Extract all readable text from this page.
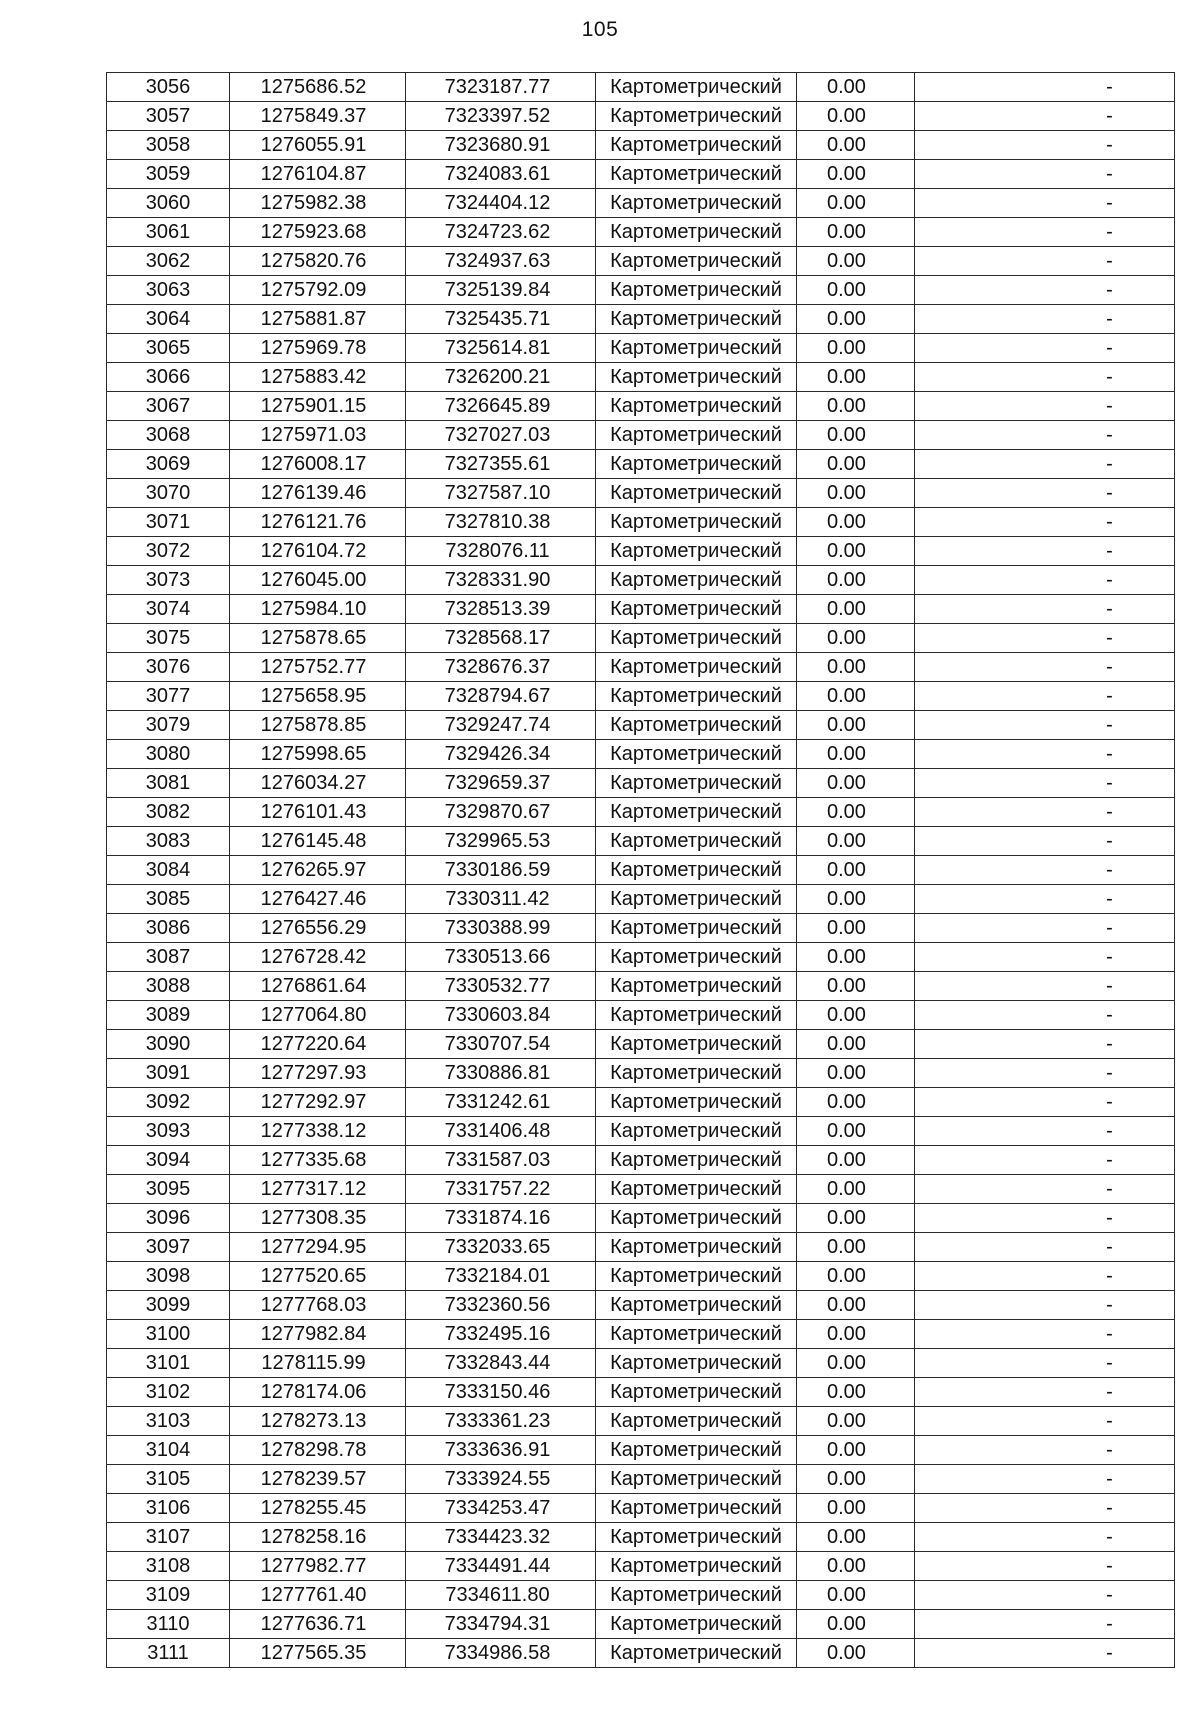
105
3056	1275686.52	7323187.77	Картометрический	0.00	-
3057	1275849.37	7323397.52	Картометрический	0.00	-
3058	1276055.91	7323680.91	Картометрический	0.00	-
3059	1276104.87	7324083.61	Картометрический	0.00	-
3060	1275982.38	7324404.12	Картометрический	0.00	-
3061	1275923.68	7324723.62	Картометрический	0.00	-
3062	1275820.76	7324937.63	Картометрический	0.00	-
3063	1275792.09	7325139.84	Картометрический	0.00	-
3064	1275881.87	7325435.71	Картометрический	0.00	-
3065	1275969.78	7325614.81	Картометрический	0.00	-
3066	1275883.42	7326200.21	Картометрический	0.00	-
3067	1275901.15	7326645.89	Картометрический	0.00	-
3068	1275971.03	7327027.03	Картометрический	0.00	-
3069	1276008.17	7327355.61	Картометрический	0.00	-
3070	1276139.46	7327587.10	Картометрический	0.00	-
3071	1276121.76	7327810.38	Картометрический	0.00	-
3072	1276104.72	7328076.11	Картометрический	0.00	-
3073	1276045.00	7328331.90	Картометрический	0.00	-
3074	1275984.10	7328513.39	Картометрический	0.00	-
3075	1275878.65	7328568.17	Картометрический	0.00	-
3076	1275752.77	7328676.37	Картометрический	0.00	-
3077	1275658.95	7328794.67	Картометрический	0.00	-
3079	1275878.85	7329247.74	Картометрический	0.00	-
3080	1275998.65	7329426.34	Картометрический	0.00	-
3081	1276034.27	7329659.37	Картометрический	0.00	-
3082	1276101.43	7329870.67	Картометрический	0.00	-
3083	1276145.48	7329965.53	Картометрический	0.00	-
3084	1276265.97	7330186.59	Картометрический	0.00	-
3085	1276427.46	7330311.42	Картометрический	0.00	-
3086	1276556.29	7330388.99	Картометрический	0.00	-
3087	1276728.42	7330513.66	Картометрический	0.00	-
3088	1276861.64	7330532.77	Картометрический	0.00	-
3089	1277064.80	7330603.84	Картометрический	0.00	-
3090	1277220.64	7330707.54	Картометрический	0.00	-
3091	1277297.93	7330886.81	Картометрический	0.00	-
3092	1277292.97	7331242.61	Картометрический	0.00	-
3093	1277338.12	7331406.48	Картометрический	0.00	-
3094	1277335.68	7331587.03	Картометрический	0.00	-
3095	1277317.12	7331757.22	Картометрический	0.00	-
3096	1277308.35	7331874.16	Картометрический	0.00	-
3097	1277294.95	7332033.65	Картометрический	0.00	-
3098	1277520.65	7332184.01	Картометрический	0.00	-
3099	1277768.03	7332360.56	Картометрический	0.00	-
3100	1277982.84	7332495.16	Картометрический	0.00	-
3101	1278115.99	7332843.44	Картометрический	0.00	-
3102	1278174.06	7333150.46	Картометрический	0.00	-
3103	1278273.13	7333361.23	Картометрический	0.00	-
3104	1278298.78	7333636.91	Картометрический	0.00	-
3105	1278239.57	7333924.55	Картометрический	0.00	-
3106	1278255.45	7334253.47	Картометрический	0.00	-
3107	1278258.16	7334423.32	Картометрический	0.00	-
3108	1277982.77	7334491.44	Картометрический	0.00	-
3109	1277761.40	7334611.80	Картометрический	0.00	-
3110	1277636.71	7334794.31	Картометрический	0.00	-
3111	1277565.35	7334986.58	Картометрический	0.00	-
